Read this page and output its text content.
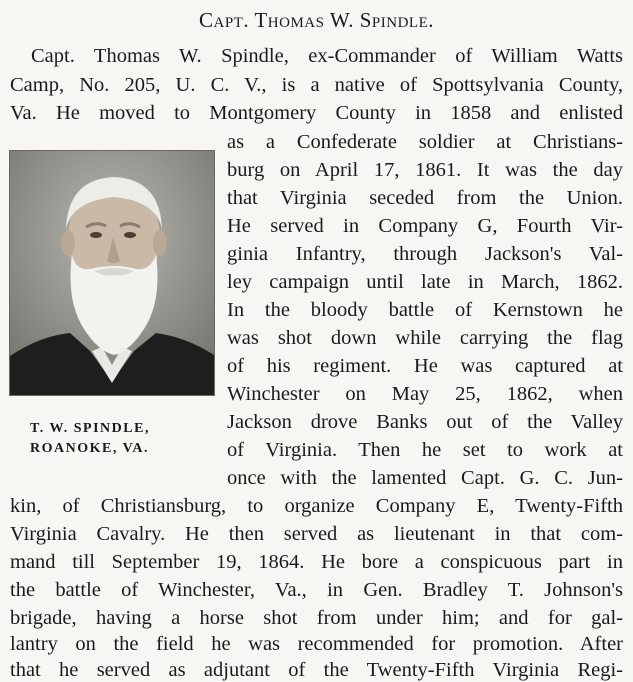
Capt. Thomas W. Spindle.
Capt. Thomas W. Spindle, ex-Commander of William Watts
Camp, No. 205, U. C. V., is a native of Spottsylvania County,
Va. He moved to Montgomery County in 1858 and enlisted
as a Confederate soldier at Christians-
burg on April 17, 1861. It was the day
that Virginia seceded from the Union.
He served in Company G, Fourth Vir-
ginia Infantry, through Jackson's Val-
ley campaign until late in March, 1862.
In the bloody battle of Kernstown he
was shot down while carrying the flag
of his regiment. He was captured at
Winchester on May 25, 1862, when
Jackson drove Banks out of the Valley
of Virginia. Then he set to work at
once with the lamented Capt. G. C. Jun-
T. W. SPINDLE,
ROANOKE, VA.
kin, of Christiansburg, to organize Company E, Twenty-Fifth
Virginia Cavalry. He then served as lieutenant in that com-
mand till September 19, 1864. He bore a conspicuous part in
the battle of Winchester, Va., in Gen. Bradley T. Johnson's
brigade, having a horse shot from under him; and for gal-
lantry on the field he was recommended for promotion. After
that he served as adjutant of the Twenty-Fifth Virginia Regi-
